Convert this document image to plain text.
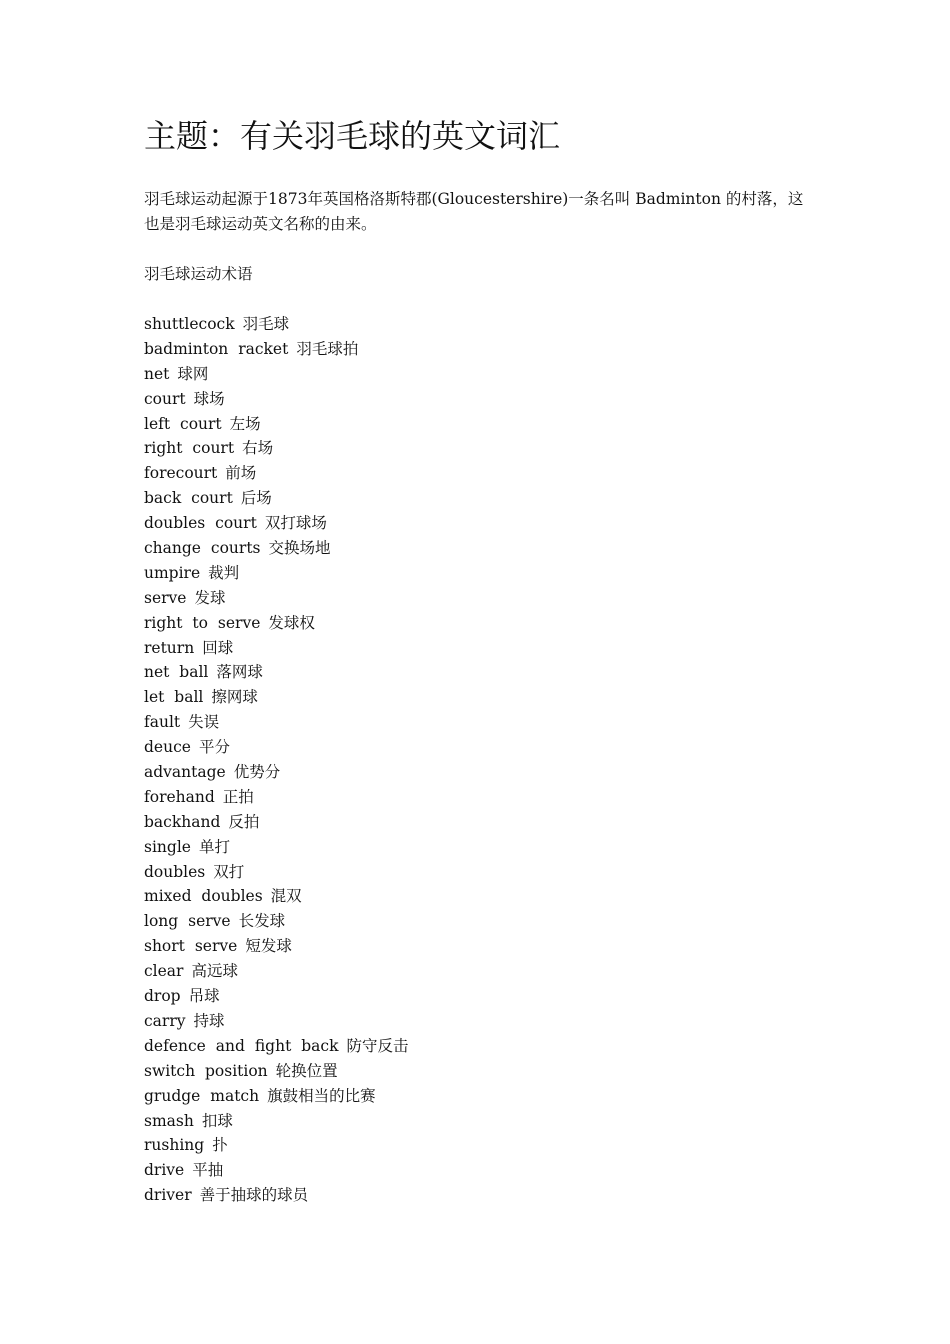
主题：有关羽毛球的英文词汇

羽毛球运动起源于1873年英国格洛斯特郡(Gloucestershire)一条名叫 Badminton 的村落，这也是羽毛球运动英文名称的由来。

羽毛球运动术语

shuttlecock 羽毛球
badminton racket 羽毛球拍
net 球网
court 球场
left court 左场
right court 右场
forecourt 前场
back court 后场
doubles court 双打球场
change courts 交换场地
umpire 裁判
serve 发球
right to serve 发球权
return 回球
net ball 落网球
let ball 擦网球
fault 失误
deuce 平分
advantage 优势分
forehand 正拍
backhand 反拍
single 单打
doubles 双打
mixed doubles 混双
long serve 长发球
short serve 短发球
clear 高远球
drop 吊球
carry 持球
defence and fight back 防守反击
switch position 轮换位置
grudge match 旗鼓相当的比赛
smash 扣球
rushing 扑
drive 平抽
driver 善于抽球的球员
